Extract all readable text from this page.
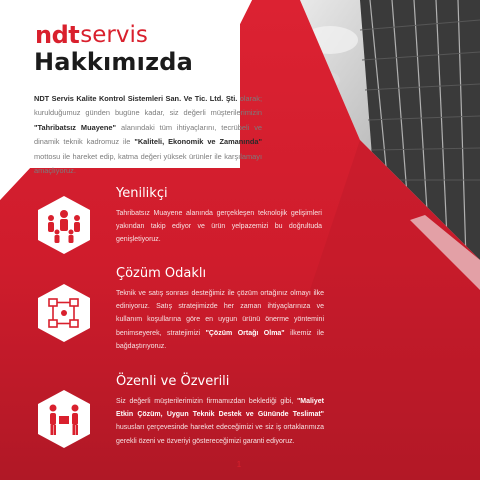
ndt servis
Hakkımızda

NDT Servis Kalite Kontrol Sistemleri San. Ve Tic. Ltd. Şti. olarak; kurulduğumuz günden bugüne kadar, siz değerli müşterilerimizin "Tahribatsız Muayene" alanındaki tüm ihtiyaçlarını, tecrübeli ve dinamik teknik kadromuz ile "Kaliteli, Ekonomik ve Zamanında" mottosu ile hareket edip, katma değeri yüksek ürünler ile karşılamayı amaçlıyoruz.

Yenilikçi

Tahribatsız Muayene alanında gerçekleşen teknolojik gelişimleri yakından takip ediyor ve ürün yelpazemizi bu doğrultuda genişletiyoruz.

Çözüm Odaklı

Teknik ve satış sonrası desteğimiz ile çözüm ortağınız olmayı ilke ediniyoruz. Satış stratejimizde her zaman ihtiyaçlarınıza ve kullanım koşullarına göre en uygun ürünü önerme yöntemini benimseyerek, stratejimizi "Çözüm Ortağı Olma" ilkemiz ile bağdaştırıyoruz.

Özenli ve Özverili

Siz değerli müşterilerimizin firmamızdan beklediği gibi, "Maliyet Etkin Çözüm, Uygun Teknik Destek ve Gününde Teslimat" hususları çerçevesinde hareket edeceğimizi ve siz iş ortaklarımıza gerekli özeni ve özveriyi göstereceğimizi garanti ediyoruz.

1
